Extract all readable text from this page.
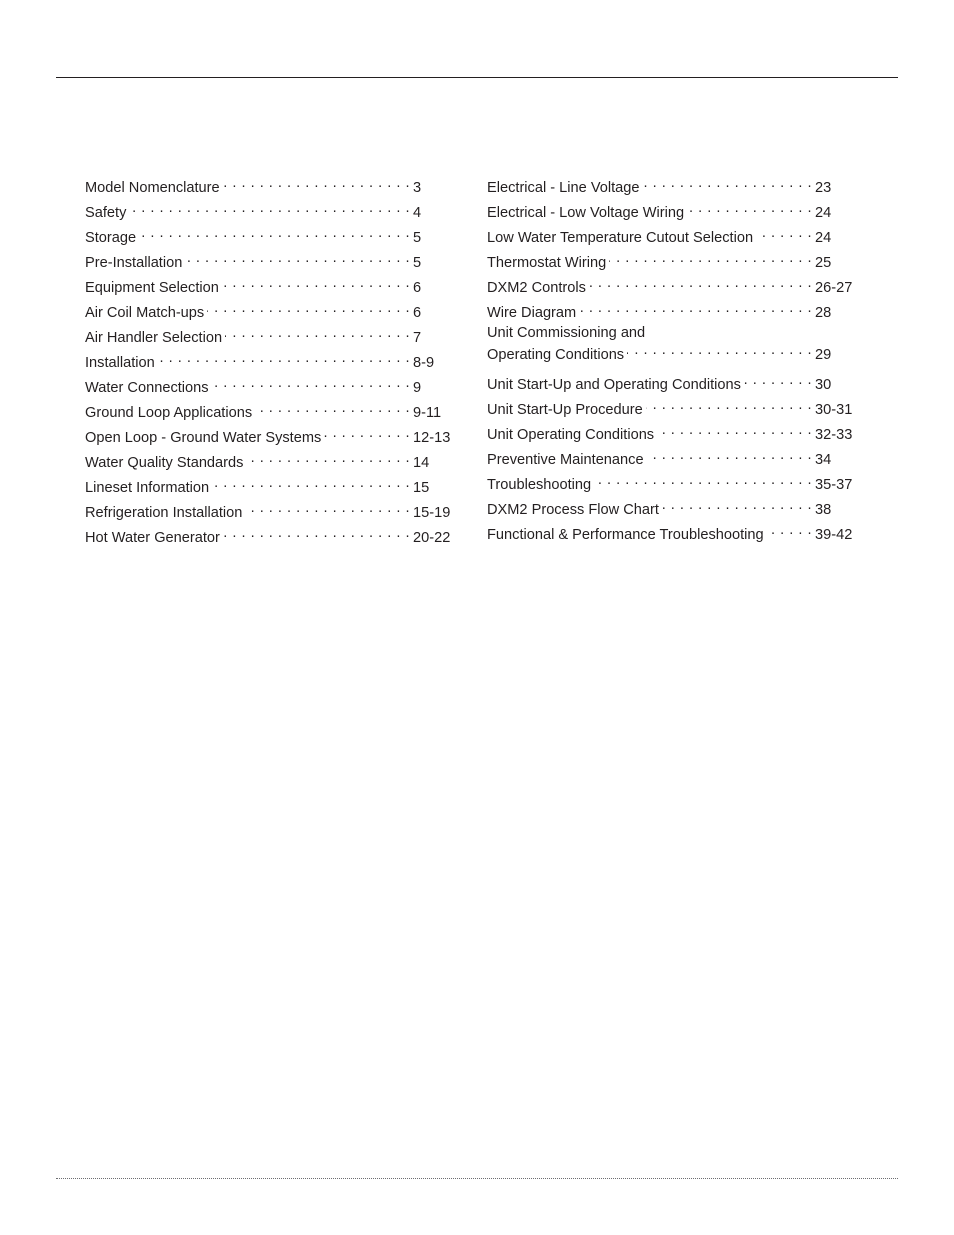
Model Nomenclature . . .	3
Safety . . .	4
Storage . . .	5
Pre-Installation . . .	5
Equipment Selection . . .	6
Air Coil Match-ups . . .	6
Air Handler Selection . . .	7
Installation . . .	8-9
Water Connections . . .	9
Ground Loop Applications . . .	9-11
Open Loop - Ground Water Systems . . .	12-13
Water Quality Standards . . .	14
Lineset Information . . .	15
Refrigeration Installation . . .	15-19
Hot Water Generator . . .	20-22
Electrical - Line Voltage . . .	23
Electrical - Low Voltage Wiring . . .	24
Low Water Temperature Cutout Selection . . .	24
Thermostat Wiring . . .	25
DXM2 Controls . . .	26-27
Wire Diagram . . .	28
Unit Commissioning and
Operating Conditions . . .	29
Unit Start-Up and Operating Conditions . . .	30
Unit Start-Up Procedure . . .	30-31
Unit Operating Conditions . . .	32-33
Preventive Maintenance . . .	34
Troubleshooting . . .	35-37
DXM2 Process Flow Chart . . .	38
Functional & Performance Troubleshooting . . .	39-42
